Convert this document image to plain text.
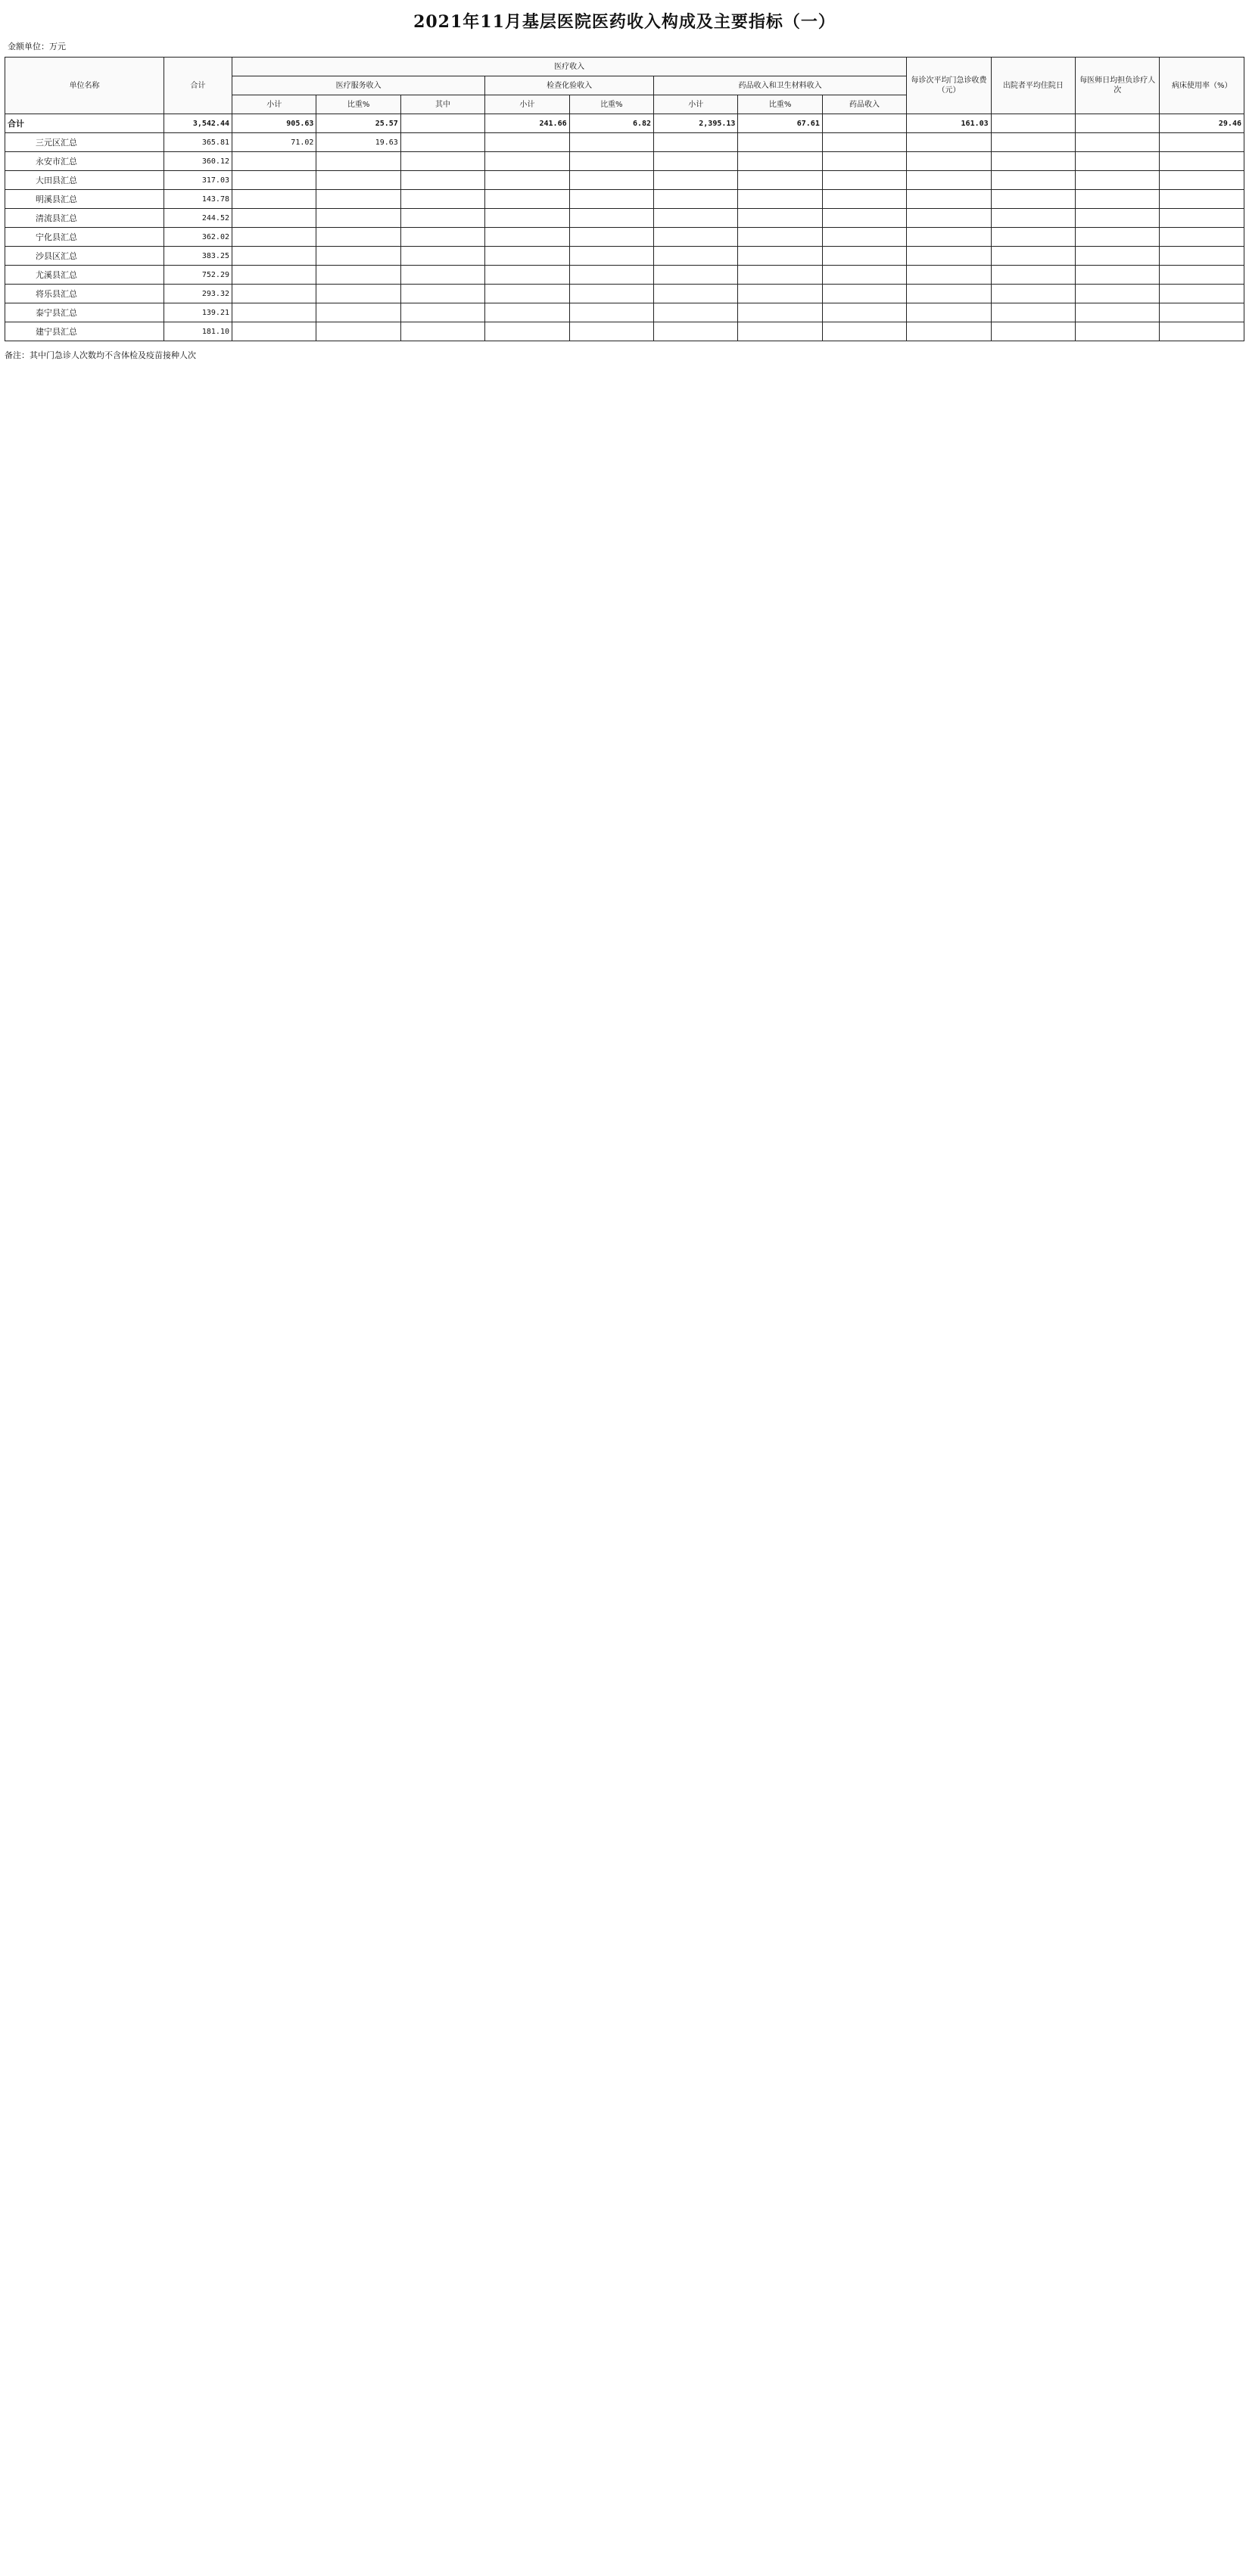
2021年11月基层医院医药收入构成及主要指标（一）
金额单位：万元
单位名称	合计	医疗收入								每诊次平均门急诊收费（元）	出院者平均住院日	每医师日均担负诊疗人次	病床使用率（%）
		医疗服务收入			检查化验收入		药品收入和卫生材料收入						
		小计	比重%	其中	小计	比重%	小计	比重%	药品收入				
合计	3,542.44	905.63	25.57		241.66	6.82	2,395.13	67.61		161.03			29.46
三元区汇总	365.81	71.02	19.63										
永安市汇总	360.12												
大田县汇总	317.03												
明溪县汇总	143.78												
清流县汇总	244.52												
宁化县汇总	362.02												
沙县区汇总	383.25												
尤溪县汇总	752.29												
将乐县汇总	293.32												
泰宁县汇总	139.21												
建宁县汇总	181.10												
备注：其中门急诊人次数均不含体检及疫苗接种人次
